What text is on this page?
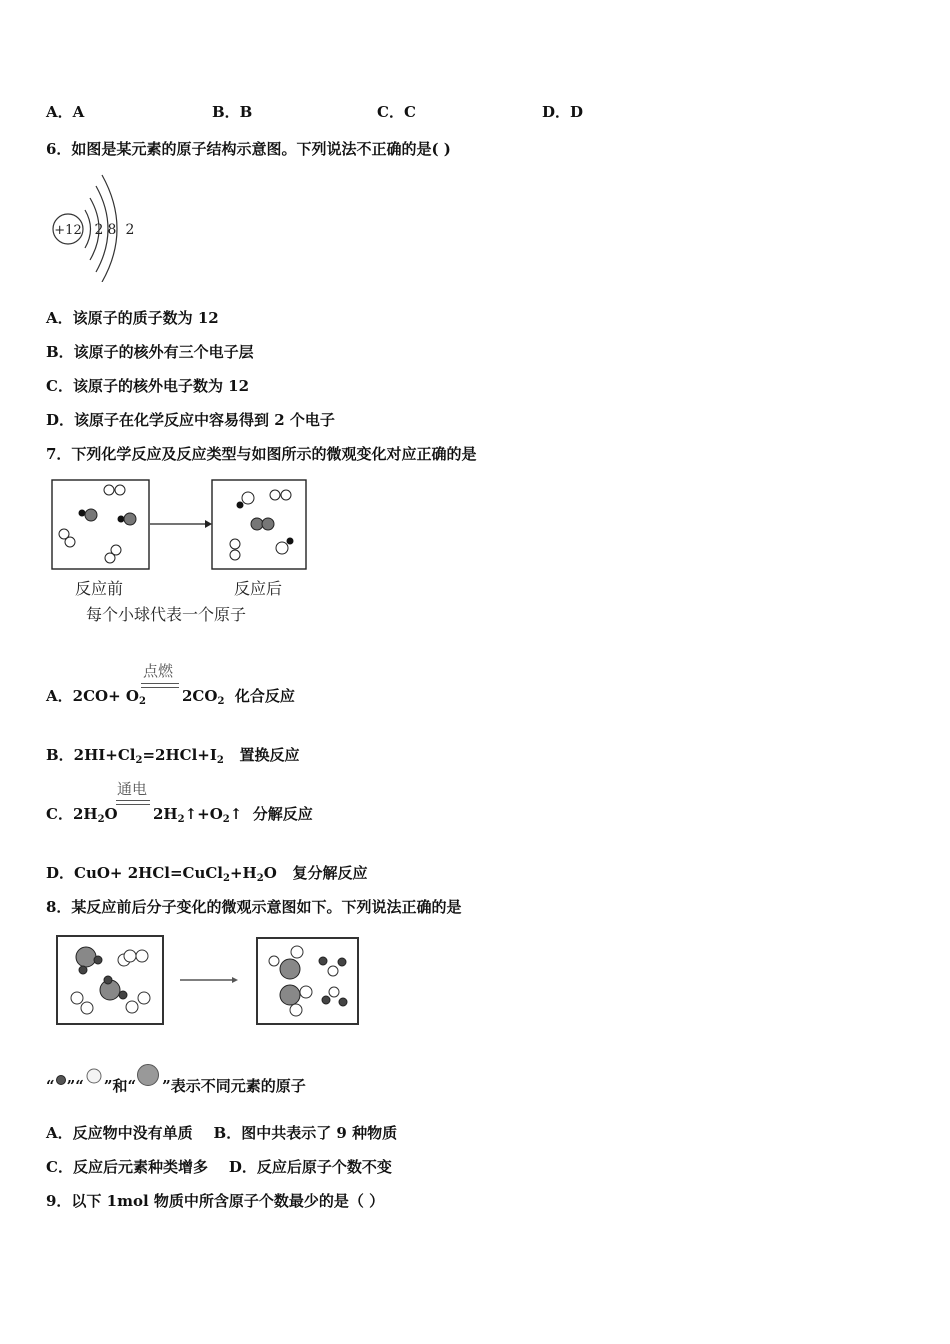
A．A	B．B	C．C	D．D
6．如图是某元素的原子结构示意图。下列说法不正确的是( )
+12 2 8 2
A．该原子的质子数为 12
B．该原子的核外有三个电子层
C．该原子的核外电子数为 12
D．该原子在化学反应中容易得到 2 个电子
7．下列化学反应及反应类型与如图所示的微观变化对应正确的是
反应前	反应后
每个小球代表一个原子
点燃
A．$2CO+ O_2$ $2CO_2$ 化合反应
B．$2HI+Cl_2=2HCl+I_2$ 置换反应
通电
C．$2H_2O$ $2H_2↑+O_2↑$ 分解反应
D．$CuO+ 2HCl=CuCl_2+H_2O$ 复分解反应
8．某反应前后分子变化的微观示意图如下。下列说法正确的是
“ ”“ ”和“ ”表示不同元素的原子
A．反应物中没有单质 B．图中共表示了 9 种物质
C．反应后元素种类增多 D．反应后原子个数不变
9．以下 1mol 物质中所含原子个数最少的是（ ）
